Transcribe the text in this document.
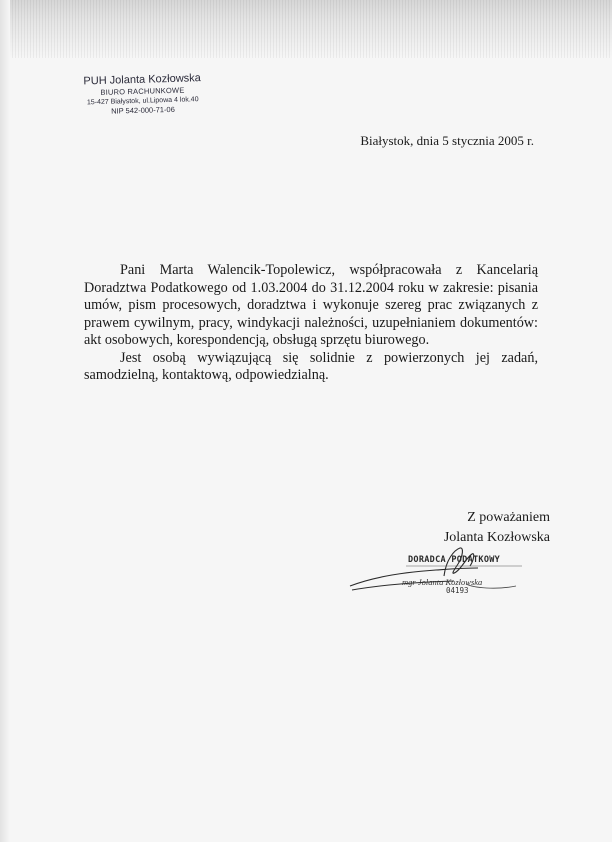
PUH Jolanta Kozłowska
BIURO RACHUNKOWE
15-427 Białystok, ul.Lipowa 4 lok.40
NIP 542-000-71-06
Białystok, dnia 5 stycznia 2005 r.

Pani Marta Walencik-Topolewicz, współpracowała z Kancelarią Doradztwa Podatkowego od 1.03.2004 do 31.12.2004 roku w zakresie: pisania umów, pism procesowych, doradztwa i wykonuje szereg prac związanych z prawem cywilnym, pracy, windykacji należności, uzupełnianiem dokumentów: akt osobowych, korespondencją, obsługą sprzętu biurowego.

Jest osobą wywiązującą się solidnie z powierzonych jej zadań, samodzielną, kontaktową, odpowiedzialną.

Z poważaniem
Jolanta Kozłowska
DORADCA PODATKOWY
mgr Jolanta Kozłowska
04193
